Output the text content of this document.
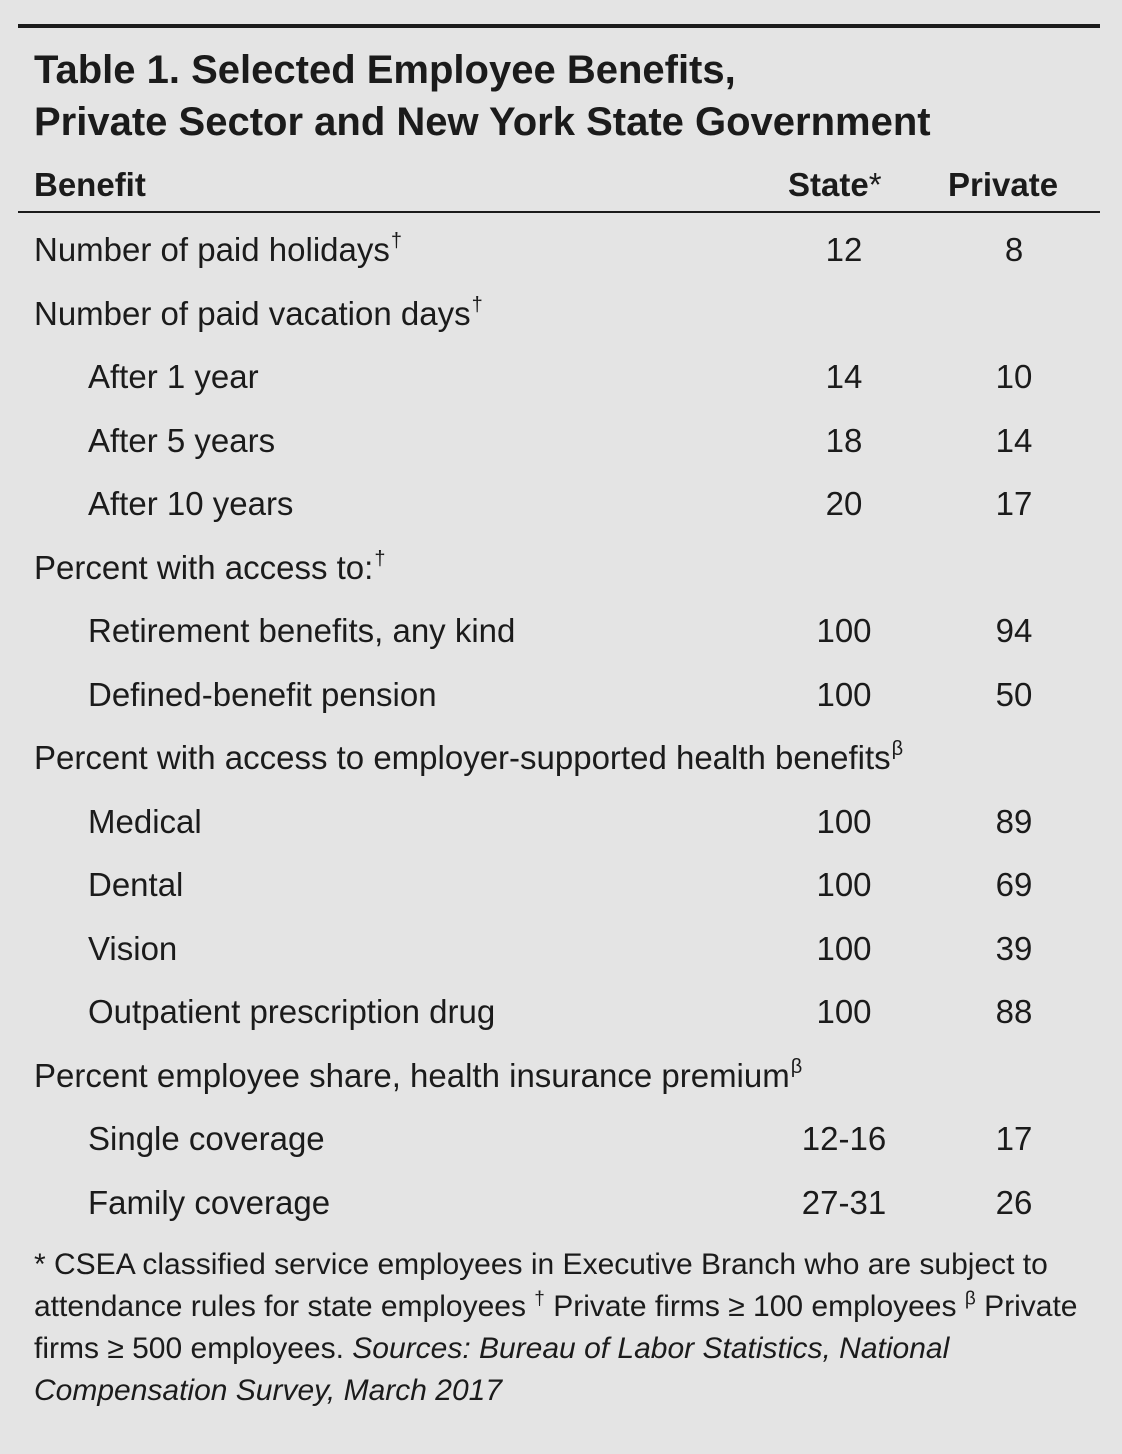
Table 1. Selected Employee Benefits,
Private Sector and New York State Government
Benefit	State* Private
Number of paid holidays†	12	8
Number of paid vacation days†
After 1 year	14	10
After 5 years	18	14
After 10 years	20	17
Percent with access to:†
Retirement benefits, any kind	100	94
Defined-benefit pension	100	50
Percent with access to employer-supported health benefits$^\beta$
Medical	100	89
Dental	100	69
Vision	100	39
Outpatient prescription drug	100	88
Percent employee share, health insurance premium$^\beta$
Single coverage	12-16	17
Family coverage	27-31	26
* CSEA classified service employees in Executive Branch who are subject to attendance rules for state employees † Private firms ≥ 100 employees $^\beta$ Private firms ≥ 500 employees. Sources: Bureau of Labor Statistics, National Compensation Survey, March 2017
